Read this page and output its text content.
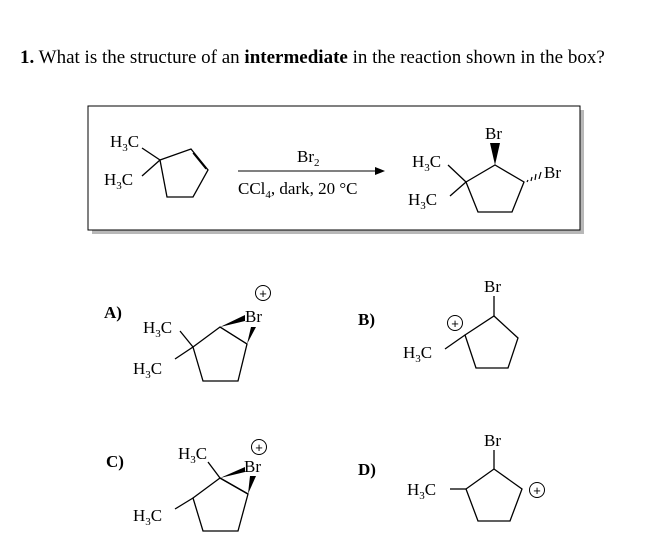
1. What is the structure of an intermediate in the reaction shown in the box?
$H_3C$
$H_3C$
$Br_2$
CCl$_4$, dark, 20 °C
Br
Br
$H_3C$
$H_3C$
A)
+
Br
$H_3C$
$H_3C$
B)	+
Br
$H_3C$
C)
+
Br
$H_3C$
$H_3C$
D)
+
Br
$H_3C$
